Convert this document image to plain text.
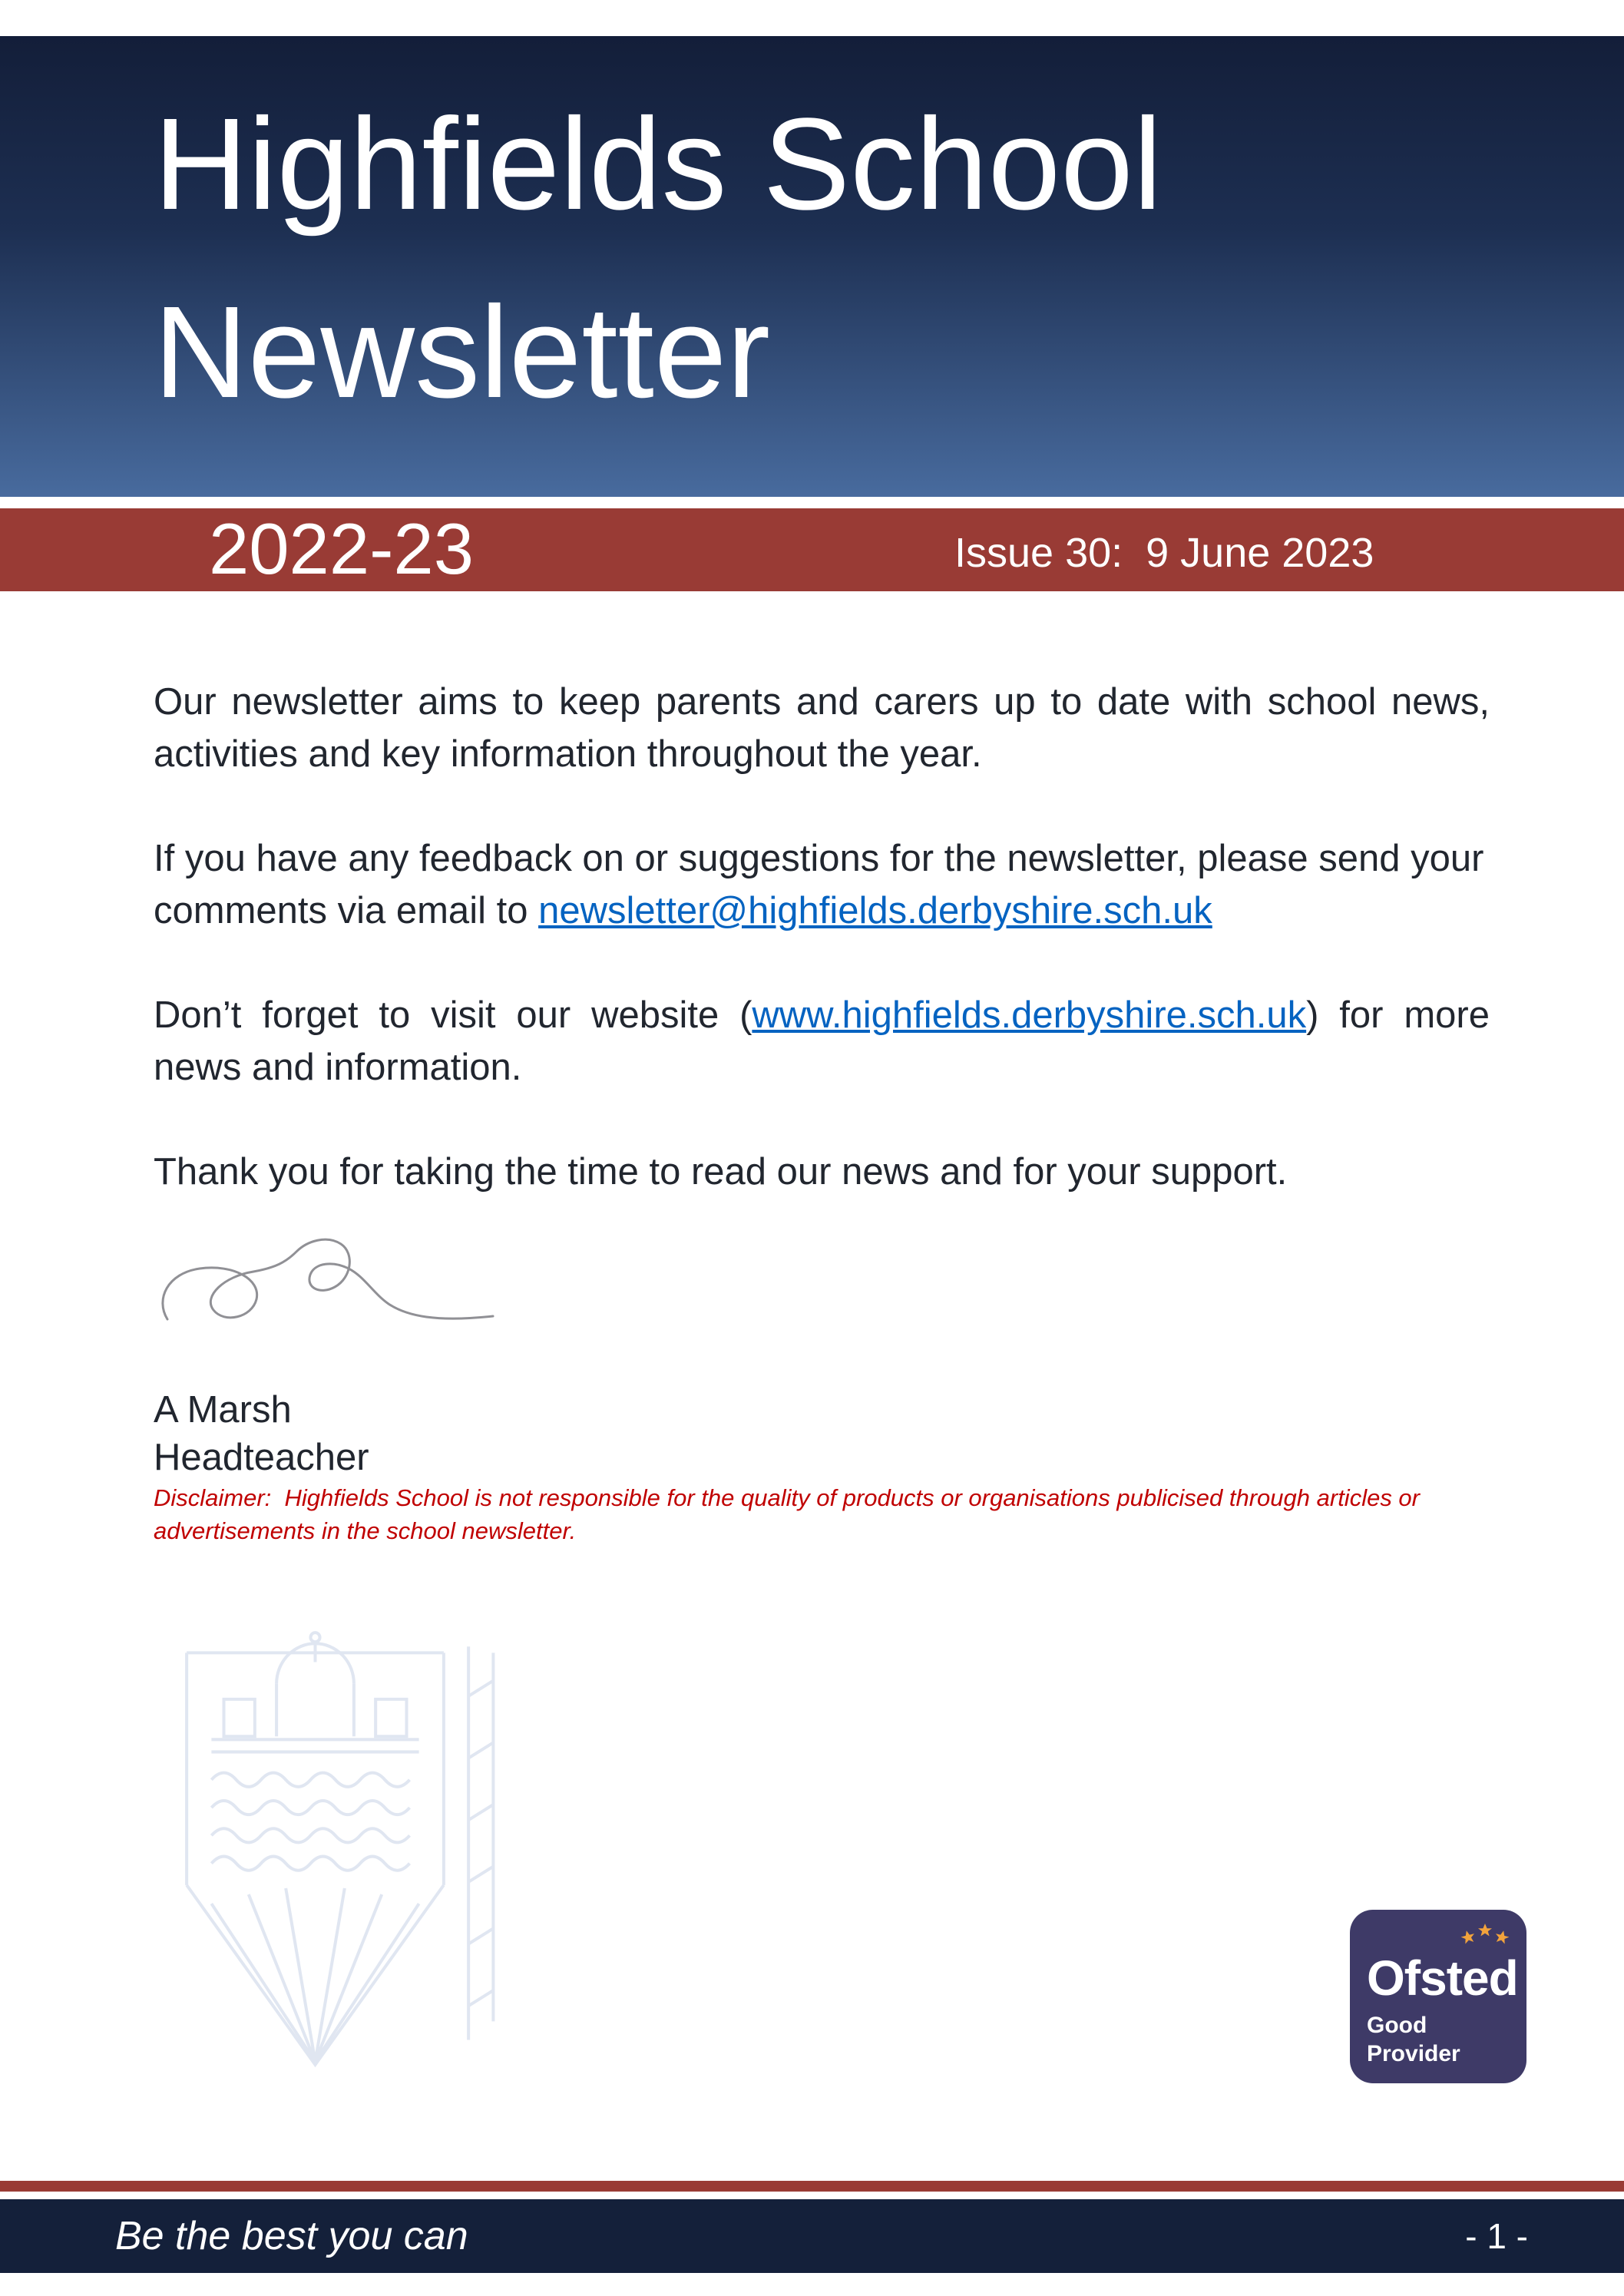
Highfields School
Newsletter
2022-23	Issue 30:  9 June 2023

Our newsletter aims to keep parents and carers up to date with school news, activities and key information throughout the year.

If you have any feedback on or suggestions for the newsletter, please send your comments via email to newsletter@highfields.derbyshire.sch.uk

Don’t forget to visit our website (www.highfields.derbyshire.sch.uk) for more news and information.

Thank you for taking the time to read our news and for your support.

A Marsh
Headteacher

Disclaimer:  Highfields School is not responsible for the quality of products or organisations publicised through articles or advertisements in the school newsletter.

Ofsted
Good
Provider
Be the best you can	- 1 -
